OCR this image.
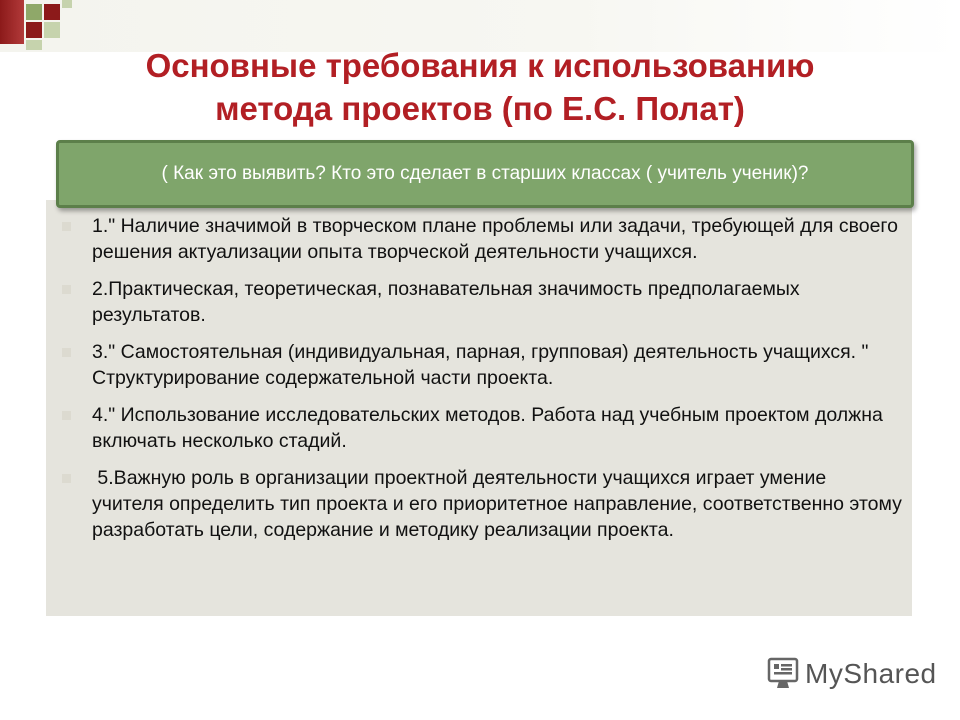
Основные требования к использованию
метода проектов (по Е.С. Полат)
1." Наличие значимой в творческом плане проблемы или задачи, требующей для своего решения актуализации опыта творческой деятельности учащихся.
2.Практическая, теоретическая, познавательная значимость предполагаемых результатов.
3." Самостоятельная (индивидуальная, парная, групповая) деятельность учащихся. " Структурирование содержательной части проекта.
4." Использование исследовательских методов. Работа над учебным проектом должна включать несколько стадий.
5.Важную роль в организации проектной деятельности учащихся играет умение учителя определить тип проекта и его приоритетное направление, соответственно этому разработать цели, содержание и методику реализации проекта.
( Как это выявить? Кто это сделает в старших классах ( учитель ученик)?
MyShared
